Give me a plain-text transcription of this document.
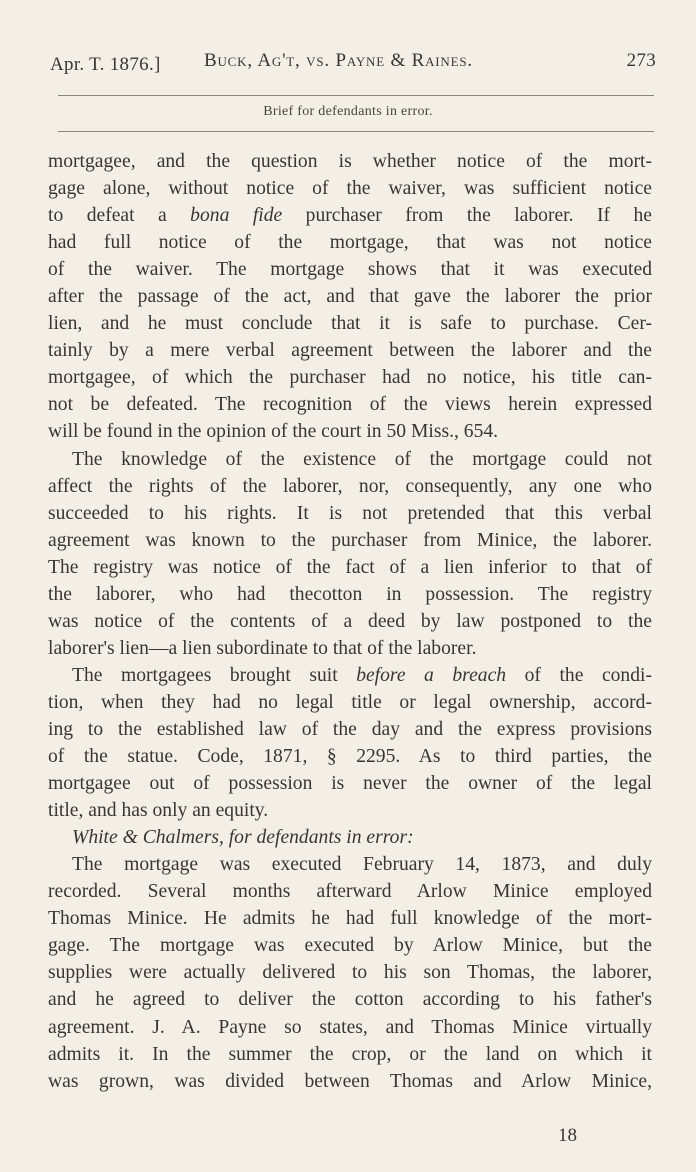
Apr. T. 1876.] Buck, Ag't, vs. Payne & Raines.	273
Brief for defendants in error.
mortgagee, and the question is whether notice of the mort-
gage alone, without notice of the waiver, was sufficient notice
to defeat a bona fide purchaser from the laborer. If he
had full notice of the mortgage, that was not notice
of the waiver. The mortgage shows that it was executed
after the passage of the act, and that gave the laborer the prior
lien, and he must conclude that it is safe to purchase. Cer-
tainly by a mere verbal agreement between the laborer and the
mortgagee, of which the purchaser had no notice, his title can-
not be defeated. The recognition of the views herein expressed
will be found in the opinion of the court in 50 Miss., 654.
The knowledge of the existence of the mortgage could not
affect the rights of the laborer, nor, consequently, any one who
succeeded to his rights. It is not pretended that this verbal
agreement was known to the purchaser from Minice, the laborer.
The registry was notice of the fact of a lien inferior to that of
the laborer, who had thecotton in possession. The registry
was notice of the contents of a deed by law postponed to the
laborer's lien—a lien subordinate to that of the laborer.
The mortgagees brought suit before a breach of the condi-
tion, when they had no legal title or legal ownership, accord-
ing to the established law of the day and the express provisions
of the statue. Code, 1871, § 2295. As to third parties, the
mortgagee out of possession is never the owner of the legal
title, and has only an equity.
White & Chalmers, for defendants in error:
The mortgage was executed February 14, 1873, and duly
recorded. Several months afterward Arlow Minice employed
Thomas Minice. He admits he had full knowledge of the mort-
gage. The mortgage was executed by Arlow Minice, but the
supplies were actually delivered to his son Thomas, the laborer,
and he agreed to deliver the cotton according to his father's
agreement. J. A. Payne so states, and Thomas Minice virtually
admits it. In the summer the crop, or the land on which it
was grown, was divided between Thomas and Arlow Minice,
18
